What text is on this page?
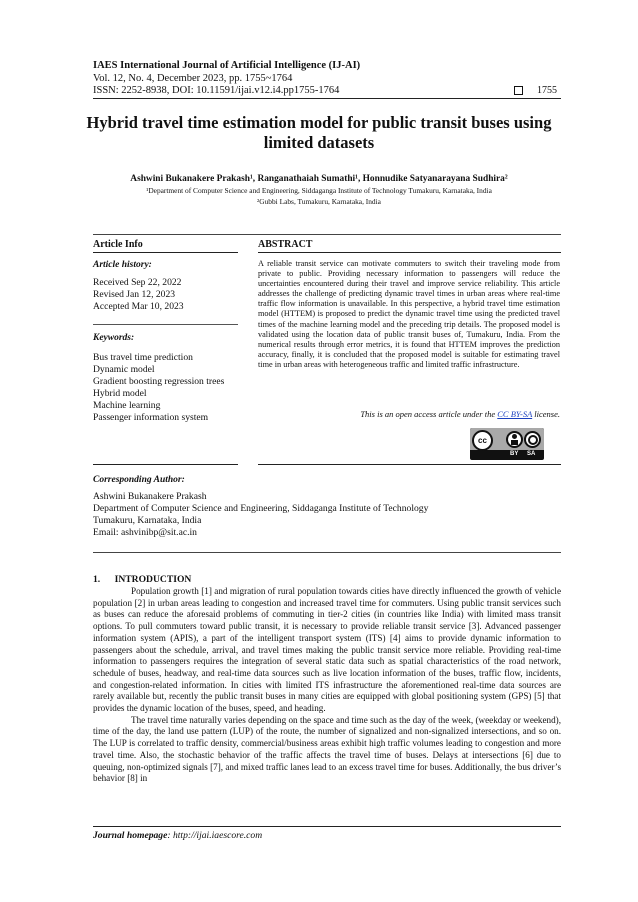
IAES International Journal of Artificial Intelligence (IJ-AI)
Vol. 12, No. 4, December 2023, pp. 1755~1764
ISSN: 2252-8938, DOI: 10.11591/ijai.v12.i4.pp1755-1764	1755
Hybrid travel time estimation model for public transit buses using limited datasets
Ashwini Bukanakere Prakash¹, Ranganathaiah Sumathi¹, Honnudike Satyanarayana Sudhira²
¹Department of Computer Science and Engineering, Siddaganga Institute of Technology Tumakuru, Karnataka, India
²Gubbi Labs, Tumakuru, Karnataka, India
Article Info	ABSTRACT
Article history:
Received Sep 22, 2022
Revised Jan 12, 2023
Accepted Mar 10, 2023
Keywords:
Bus travel time prediction
Dynamic model
Gradient boosting regression trees
Hybrid model
Machine learning
Passenger information system
A reliable transit service can motivate commuters to switch their traveling mode from private to public. Providing necessary information to passengers will reduce the uncertainties encountered during their travel and improve service reliability. This article addresses the challenge of predicting dynamic travel times in urban areas where real-time traffic flow information is unavailable. In this perspective, a hybrid travel time estimation model (HTTEM) is proposed to predict the dynamic travel time using the predicted travel times of the machine learning model and the preceding trip details. The proposed model is validated using the location data of public transit buses of, Tumakuru, India. From the numerical results through error metrics, it is found that HTTEM improves the prediction accuracy, finally, it is concluded that the proposed model is suitable for estimating travel time in urban areas with heterogeneous traffic and limited traffic infrastructure.
This is an open access article under the CC BY-SA license.
cc
BY SA
Corresponding Author:
Ashwini Bukanakere Prakash
Department of Computer Science and Engineering, Siddaganga Institute of Technology
Tumakuru, Karnataka, India
Email: ashvinibp@sit.ac.in
1.      INTRODUCTION

Population growth [1] and migration of rural population towards cities have directly influenced the growth of vehicle population [2] in urban areas leading to congestion and increased travel time for commuters. Using public transit services such as buses can reduce the aforesaid problems of commuting in tier-2 cities (in countries like India) with limited mass transit options. To pull commuters toward public transit, it is necessary to provide reliable transit service [3]. Advanced passenger information system (APIS), a part of the intelligent transport system (ITS) [4] aims to provide dynamic information to passengers about the schedule, arrival, and travel times making the public transit service more reliable. Providing real-time information to passengers requires the integration of several static data such as spatial characteristics of the road network, schedule of buses, headway, and real-time data sources such as live location information of the buses, traffic flow, incidents, and congestion-related information. In cities with limited ITS infrastructure the aforementioned real-time data sources are rarely available but, recently the public transit buses in many cities are equipped with global positioning system (GPS) [5] that provides the dynamic location of the buses, speed, and heading.

The travel time naturally varies depending on the space and time such as the day of the week, (weekday or weekend), time of the day, the land use pattern (LUP) of the route, the number of signalized and non-signalized intersections, and so on. The LUP is correlated to traffic density, commercial/business areas exhibit high traffic volumes leading to congestion and more travel time. Also, the stochastic behavior of the traffic affects the travel time of buses. Delays at intersections [6] due to queuing, non-optimized signals [7], and mixed traffic lanes lead to an excess travel time for buses. Additionally, the bus driver’s behavior [8] in

Journal homepage: http://ijai.iaescore.com
